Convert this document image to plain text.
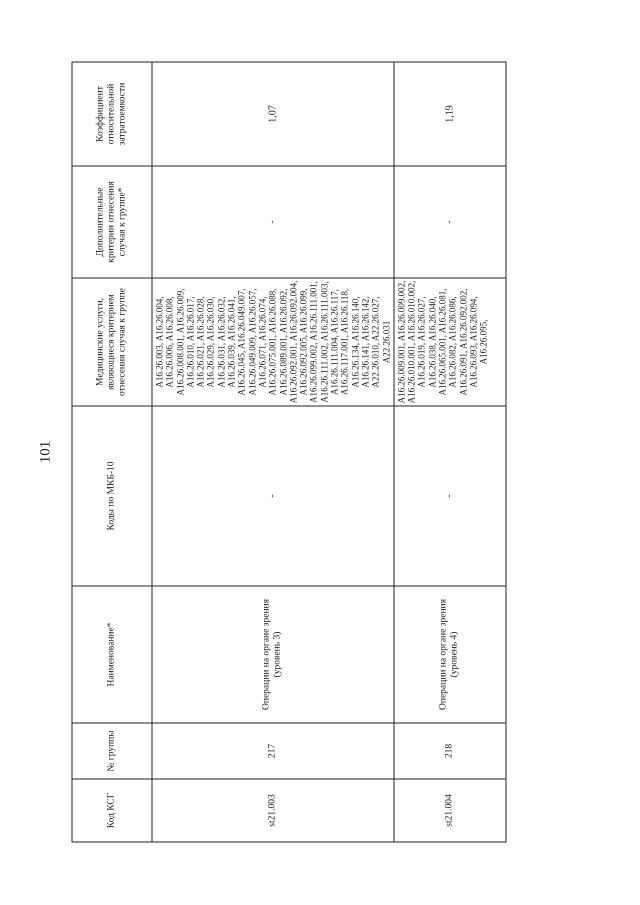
101
Код КСГ	№ группы	Наименование*	Коды по МКБ-10	Медицинские услуги, являющиеся критерием отнесения случая к группе	Дополнительные критерии отнесения случая к группе*	Коэффициент относительной затратоемкости
st21.003	217	Операции на органе зрения (уровень 3)	-	A16.26.003, A16.26.004, A16.26.006, A16.26.008, A16.26.008.001, A16.26.009, A16.26.010, A16.26.017, A16.26.021, A16.26.028, A16.26.029, A16.26.030, A16.26.031, A16.26.032, A16.26.039, A16.26.041, A16.26.045, A16.26.049.007, A16.26.049.009, A16.26.057, A16.26.071, A16.26.074, A16.26.075.001, A16.26.088, A16.26.089.001, A16.26.092, A16.26.092.001, A16.26.092.004, A16.26.092.005, A16.26.099, A16.26.099.002, A16.26.111.001, A16.26.111.002, A16.26.111.003, A16.26.111.004, A16.26.117, A16.26.117.001, A16.26.118, A16.26.134, A16.26.140, A16.26.141, A16.26.142, A22.26.010, A22.26.027, A22.26.031	-	1,07
st21.004	218	Операции на органе зрения (уровень 4)	-	A16.26.009.001, A16.26.009.002, A16.26.010.001, A16.26.010.002, A16.26.019, A16.26.027, A16.26.038, A16.26.040, A16.26.065.001, A16.26.081, A16.26.082, A16.26.086, A16.26.091, A16.26.092.002, A16.26.093, A16.26.094, A16.26.095,	-	1,19
